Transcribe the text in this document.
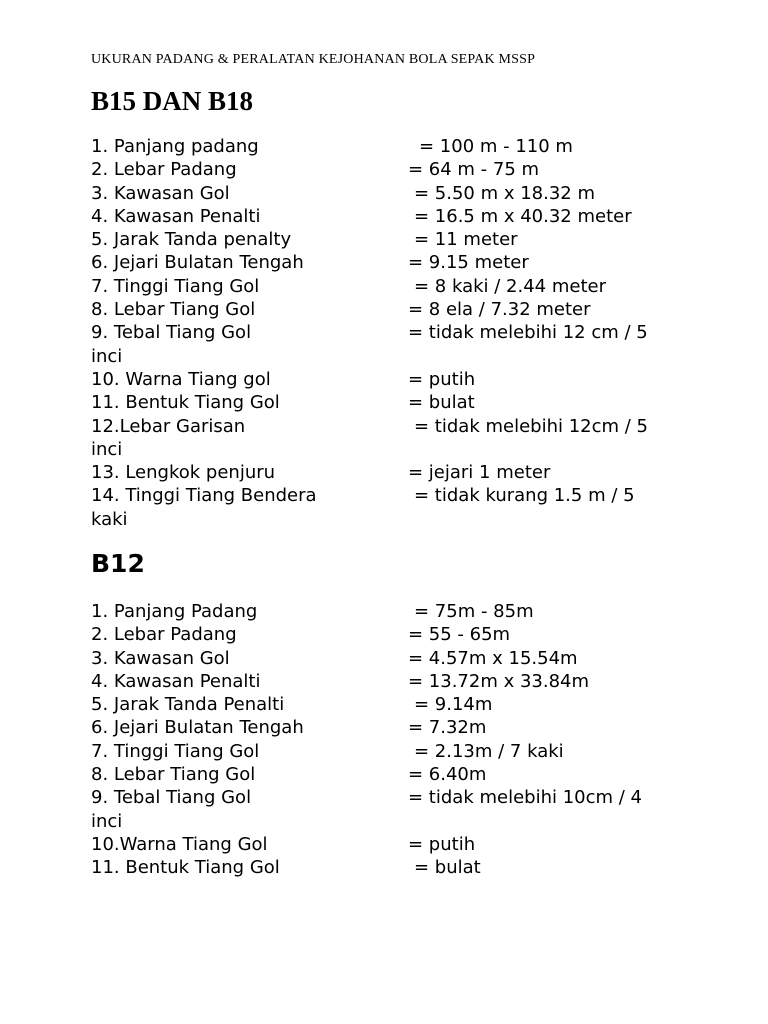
UKURAN PADANG & PERALATAN KEJOHANAN BOLA SEPAK MSSP
B15 DAN B18
1. Panjang padang	= 100 m - 110 m
2. Lebar Padang	= 64 m - 75 m
3. Kawasan Gol	= 5.50 m x 18.32 m
4. Kawasan Penalti	= 16.5 m x 40.32 meter
5. Jarak Tanda penalty	= 11 meter
6. Jejari Bulatan Tengah	= 9.15 meter
7. Tinggi Tiang Gol	= 8 kaki / 2.44 meter
8. Lebar Tiang Gol	= 8 ela / 7.32 meter
9. Tebal Tiang Gol	= tidak melebihi 12 cm / 5
inci
10. Warna Tiang gol	= putih
11. Bentuk Tiang Gol	= bulat
12.Lebar Garisan	= tidak melebihi 12cm / 5
inci
13. Lengkok penjuru	= jejari 1 meter
14. Tinggi Tiang Bendera	= tidak kurang 1.5 m / 5
kaki
B12
1. Panjang Padang	= 75m - 85m
2. Lebar Padang	= 55 - 65m
3. Kawasan Gol	= 4.57m x 15.54m
4. Kawasan Penalti	= 13.72m x 33.84m
5. Jarak Tanda Penalti	= 9.14m
6. Jejari Bulatan Tengah	= 7.32m
7. Tinggi Tiang Gol	= 2.13m / 7 kaki
8. Lebar Tiang Gol	= 6.40m
9. Tebal Tiang Gol	= tidak melebihi 10cm / 4
inci
10.Warna Tiang Gol	= putih
11. Bentuk Tiang Gol	= bulat
